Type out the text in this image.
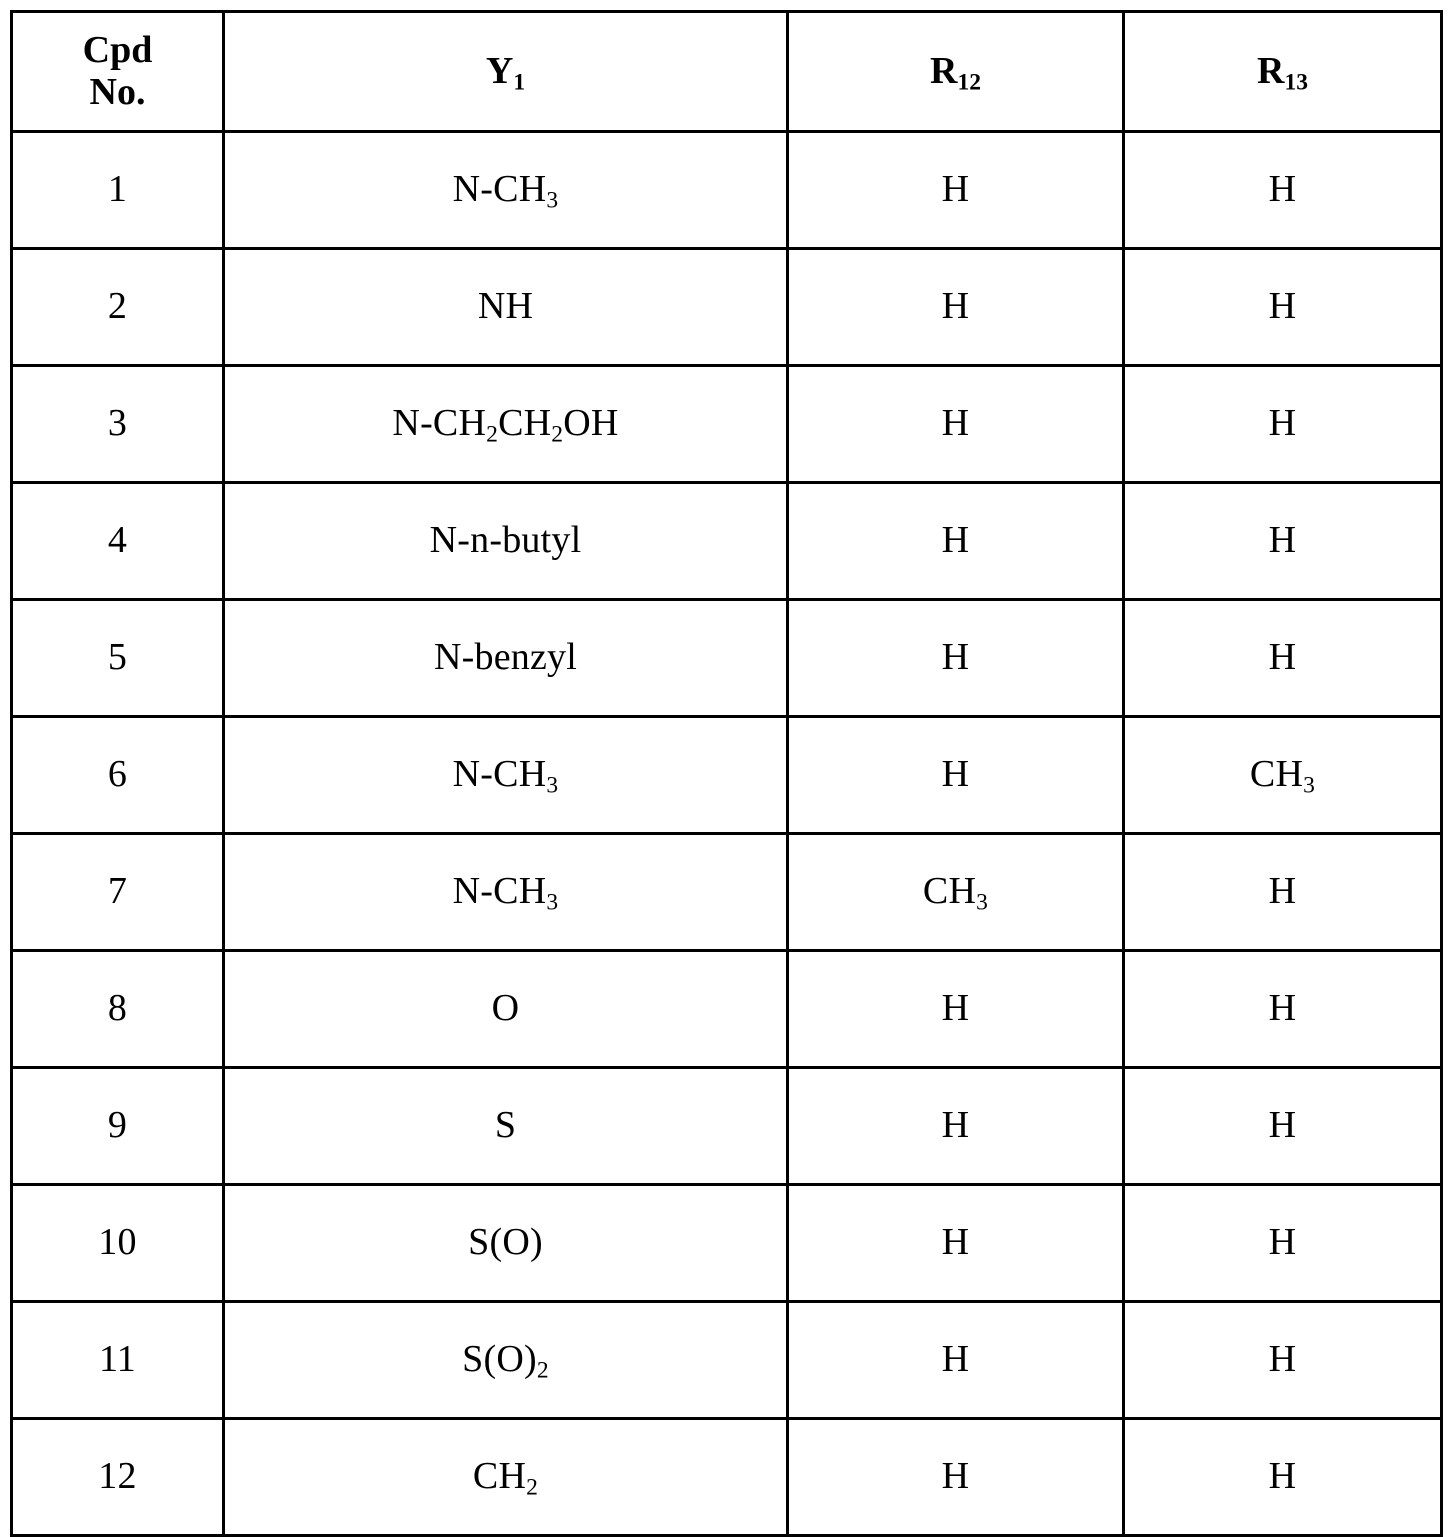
Cpd
No.	$Y_1$	$R_{12}$	$R_{13}$
1	$N-CH_3$	H	H
2	NH	H	H
3	$N-CH_2CH_2OH$	H	H
4	N-n-butyl	H	H
5	N-benzyl	H	H
6	$N-CH_3$	H	$CH_3$
7	$N-CH_3$	$CH_3$	H
8	O	H	H
9	S	H	H
10	S(O)	H	H
11	$S(O)_2$	H	H
12	$CH_2$	H	H
